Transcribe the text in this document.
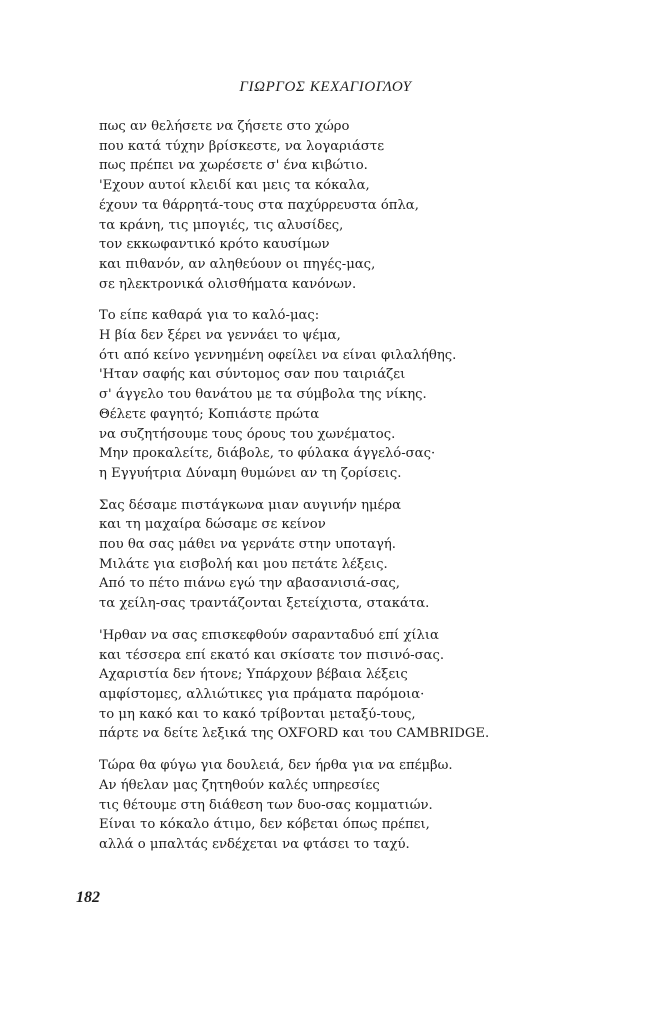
ΓΙΩΡΓΟΣ ΚΕΧΑΓΙΟΓΛΟΥ
πως αν θελήσετε να ζήσετε στο χώρο
που κατά τύχην βρίσκεστε, να λογαριάστε
πως πρέπει να χωρέσετε σ' ένα κιβώτιο.
'Εχουν αυτοί κλειδί και μεις τα κόκαλα,
έχουν τα θάρρητά-τους στα παχύρρευστα όπλα,
τα κράνη, τις μπογιές, τις αλυσίδες,
τον εκκωφαντικό κρότο καυσίμων
και πιθανόν, αν αληθεύουν οι πηγές-μας,
σε ηλεκτρονικά ολισθήματα κανόνων.
Το είπε καθαρά για το καλό-μας:
Η βία δεν ξέρει να γεννάει το ψέμα,
ότι από κείνο γεννημένη οφείλει να είναι φιλαλήθης.
'Ηταν σαφής και σύντομος σαν που ταιριάζει
σ' άγγελο του θανάτου με τα σύμβολα της νίκης.
Θέλετε φαγητό; Κοπιάστε πρώτα
να συζητήσουμε τους όρους του χωνέματος.
Μην προκαλείτε, διάβολε, το φύλακα άγγελό-σας·
η Εγγυήτρια Δύναμη θυμώνει αν τη ζορίσεις.
Σας δέσαμε πιστάγκωνα μιαν αυγινήν ημέρα
και τη μαχαίρα δώσαμε σε κείνον
που θα σας μάθει να γερνάτε στην υποταγή.
Μιλάτε για εισβολή και μου πετάτε λέξεις.
Από το πέτο πιάνω εγώ την αβασανισιά-σας,
τα χείλη-σας τραντάζονται ξετείχιστα, στακάτα.
'Ηρθαν να σας επισκεφθούν σαρανταδυό επί χίλια
και τέσσερα επί εκατό και σκίσατε τον πισινό-σας.
Αχαριστία δεν ήτονε; Υπάρχουν βέβαια λέξεις
αμφίστομες, αλλιώτικες για πράματα παρόμοια·
το μη κακό και το κακό τρίβονται μεταξύ-τους,
πάρτε να δείτε λεξικά της OXFORD και του CAMBRIDGE.
Τώρα θα φύγω για δουλειά, δεν ήρθα για να επέμβω.
Αν ήθελαν μας ζητηθούν καλές υπηρεσίες
τις θέτουμε στη διάθεση των δυο-σας κομματιών.
Είναι το κόκαλο άτιμο, δεν κόβεται όπως πρέπει,
αλλά ο μπαλτάς ενδέχεται να φτάσει το ταχύ.
182
